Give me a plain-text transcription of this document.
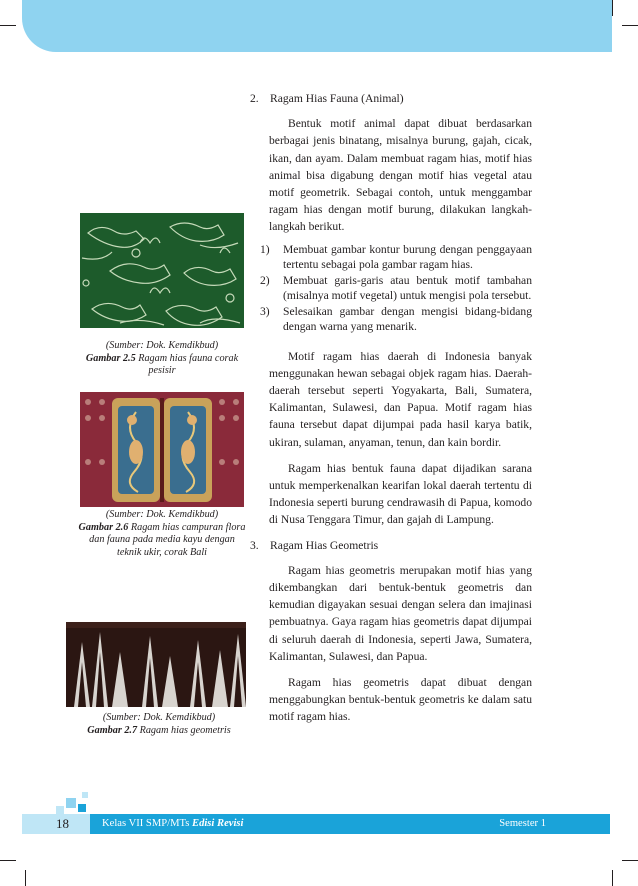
2. Ragam Hias Fauna (Animal)

Bentuk motif animal dapat dibuat berdasarkan berbagai jenis binatang, misalnya burung, gajah, cicak, ikan, dan ayam. Dalam membuat ragam hias, motif hias animal bisa digabung dengan motif hias vegetal atau motif geometrik. Sebagai contoh, untuk menggambar ragam hias dengan motif burung, dilakukan langkah-langkah berikut.

1)	Membuat gambar kontur burung dengan penggayaan tertentu sebagai pola gambar ragam hias.
2)	Membuat garis-garis atau bentuk motif tambahan (misalnya motif vegetal) untuk mengisi pola tersebut.
3)	Selesaikan gambar dengan mengisi bidang-bidang dengan warna yang menarik.

Motif ragam hias daerah di Indonesia banyak menggunakan hewan sebagai objek ragam hias. Daerah-daerah tersebut seperti Yogyakarta, Bali, Sumatera, Kalimantan, Sulawesi, dan Papua. Motif ragam hias fauna tersebut dapat dijumpai pada hasil karya batik, ukiran, sulaman, anyaman, tenun, dan kain bordir.

Ragam hias bentuk fauna dapat dijadikan sarana untuk memperkenalkan kearifan lokal daerah tertentu di Indonesia seperti burung cendrawasih di Papua, komodo di Nusa Tenggara Timur, dan gajah di Lampung.

3. Ragam Hias Geometris

Ragam hias geometris merupakan motif hias yang dikembangkan dari bentuk-bentuk geometris dan kemudian digayakan sesuai dengan selera dan imajinasi pembuatnya. Gaya ragam hias geometris dapat dijumpai di seluruh daerah di Indonesia, seperti Jawa, Sumatera, Kalimantan, Sulawesi, dan Papua.

Ragam hias geometris dapat dibuat dengan menggabungkan bentuk-bentuk geometris ke dalam satu motif ragam hias.

(Sumber: Dok. Kemdikbud)
Gambar 2.5 Ragam hias fauna corak pesisir
(Sumber: Dok. Kemdikbud)
Gambar 2.6 Ragam hias campuran flora dan fauna pada media kayu dengan teknik ukir, corak Bali
(Sumber: Dok. Kemdikbud)
Gambar 2.7 Ragam hias geometris
18	Kelas VII SMP/MTs Edisi Revisi	Semester 1
